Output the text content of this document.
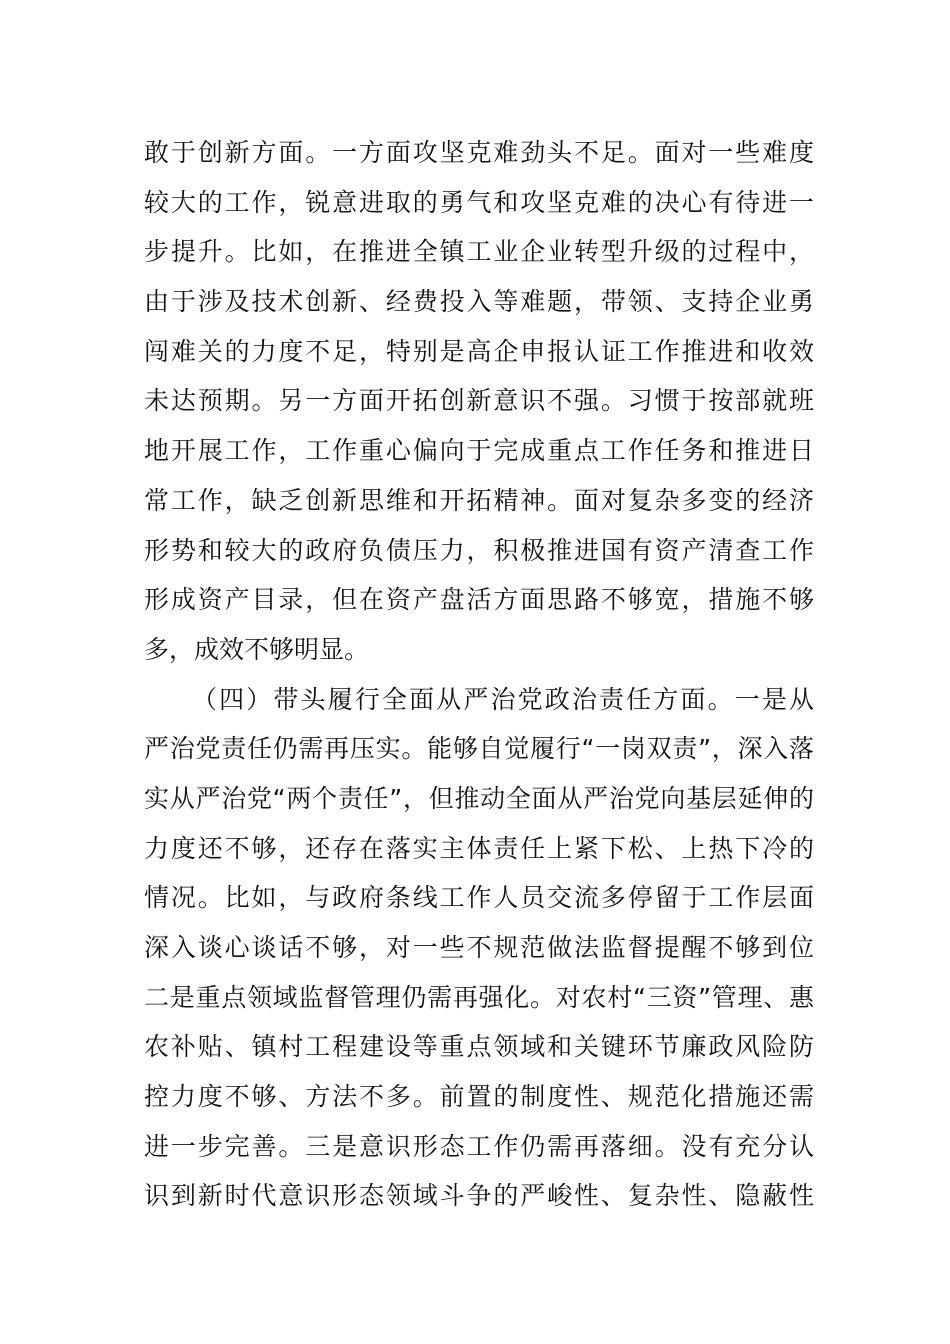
敢于创新方面。一方面攻坚克难劲头不足。面对一些难度
较大的工作，锐意进取的勇气和攻坚克难的决心有待进一
步提升。比如，在推进全镇工业企业转型升级的过程中，
由于涉及技术创新、经费投入等难题，带领、支持企业勇
闯难关的力度不足，特别是高企申报认证工作推进和收效
未达预期。另一方面开拓创新意识不强。习惯于按部就班
地开展工作，工作重心偏向于完成重点工作任务和推进日
常工作，缺乏创新思维和开拓精神。面对复杂多变的经济
形势和较大的政府负债压力，积极推进国有资产清查工作
形成资产目录，但在资产盘活方面思路不够宽，措施不够
多，成效不够明显。
（四）带头履行全面从严治党政治责任方面。一是从
严治党责任仍需再压实。能够自觉履行“一岗双责”，深入落
实从严治党“两个责任”，但推动全面从严治党向基层延伸的
力度还不够，还存在落实主体责任上紧下松、上热下冷的
情况。比如，与政府条线工作人员交流多停留于工作层面
深入谈心谈话不够，对一些不规范做法监督提醒不够到位
二是重点领域监督管理仍需再强化。对农村“三资”管理、惠
农补贴、镇村工程建设等重点领域和关键环节廉政风险防
控力度不够、方法不多。前置的制度性、规范化措施还需
进一步完善。三是意识形态工作仍需再落细。没有充分认
识到新时代意识形态领域斗争的严峻性、复杂性、隐蔽性
